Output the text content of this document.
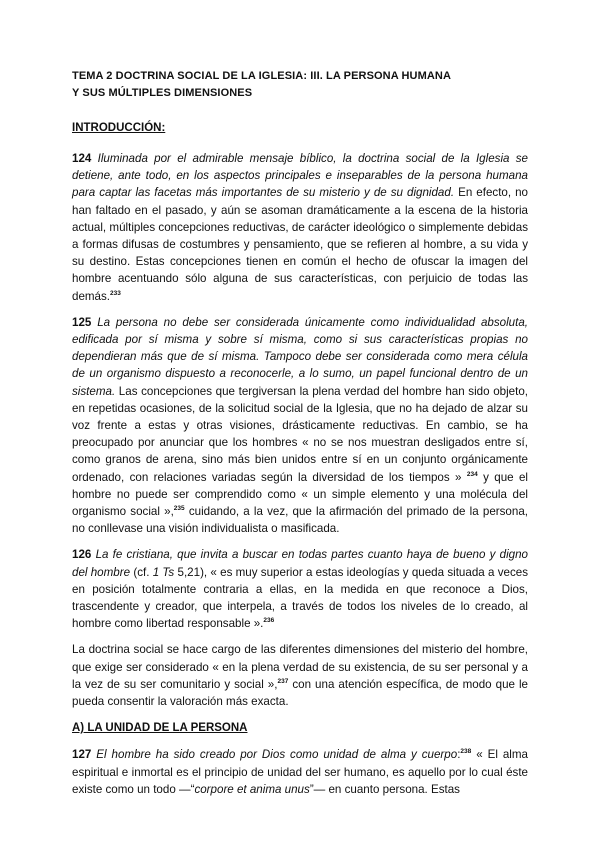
TEMA 2 DOCTRINA SOCIAL DE LA IGLESIA: III. LA PERSONA HUMANA
Y SUS MÚLTIPLES DIMENSIONES

INTRODUCCIÓN:

124 Iluminada por el admirable mensaje bíblico, la doctrina social de la Iglesia se detiene, ante todo, en los aspectos principales e inseparables de la persona humana para captar las facetas más importantes de su misterio y de su dignidad. En efecto, no han faltado en el pasado, y aún se asoman dramáticamente a la escena de la historia actual, múltiples concepciones reductivas, de carácter ideológico o simplemente debidas a formas difusas de costumbres y pensamiento, que se refieren al hombre, a su vida y su destino. Estas concepciones tienen en común el hecho de ofuscar la imagen del hombre acentuando sólo alguna de sus características, con perjuicio de todas las demás.$^{233}$

125 La persona no debe ser considerada únicamente como individualidad absoluta, edificada por sí misma y sobre sí misma, como si sus características propias no dependieran más que de sí misma. Tampoco debe ser considerada como mera célula de un organismo dispuesto a reconocerle, a lo sumo, un papel funcional dentro de un sistema. Las concepciones que tergiversan la plena verdad del hombre han sido objeto, en repetidas ocasiones, de la solicitud social de la Iglesia, que no ha dejado de alzar su voz frente a estas y otras visiones, drásticamente reductivas. En cambio, se ha preocupado por anunciar que los hombres « no se nos muestran desligados entre sí, como granos de arena, sino más bien unidos entre sí en un conjunto orgánicamente ordenado, con relaciones variadas según la diversidad de los tiempos » $^{234}$ y que el hombre no puede ser comprendido como « un simple elemento y una molécula del organismo social »,$^{235}$ cuidando, a la vez, que la afirmación del primado de la persona, no conllevase una visión individualista o masificada.

126 La fe cristiana, que invita a buscar en todas partes cuanto haya de bueno y digno del hombre (cf. 1 Ts 5,21), « es muy superior a estas ideologías y queda situada a veces en posición totalmente contraria a ellas, en la medida en que reconoce a Dios, trascendente y creador, que interpela, a través de todos los niveles de lo creado, al hombre como libertad responsable ».$^{236}$

La doctrina social se hace cargo de las diferentes dimensiones del misterio del hombre, que exige ser considerado « en la plena verdad de su existencia, de su ser personal y a la vez de su ser comunitario y social »,$^{237}$ con una atención específica, de modo que le pueda consentir la valoración más exacta.

A) LA UNIDAD DE LA PERSONA

127 El hombre ha sido creado por Dios como unidad de alma y cuerpo:$^{238}$ « El alma espiritual e inmortal es el principio de unidad del ser humano, es aquello por lo cual éste existe como un todo —“corpore et anima unus”— en cuanto persona. Estas
